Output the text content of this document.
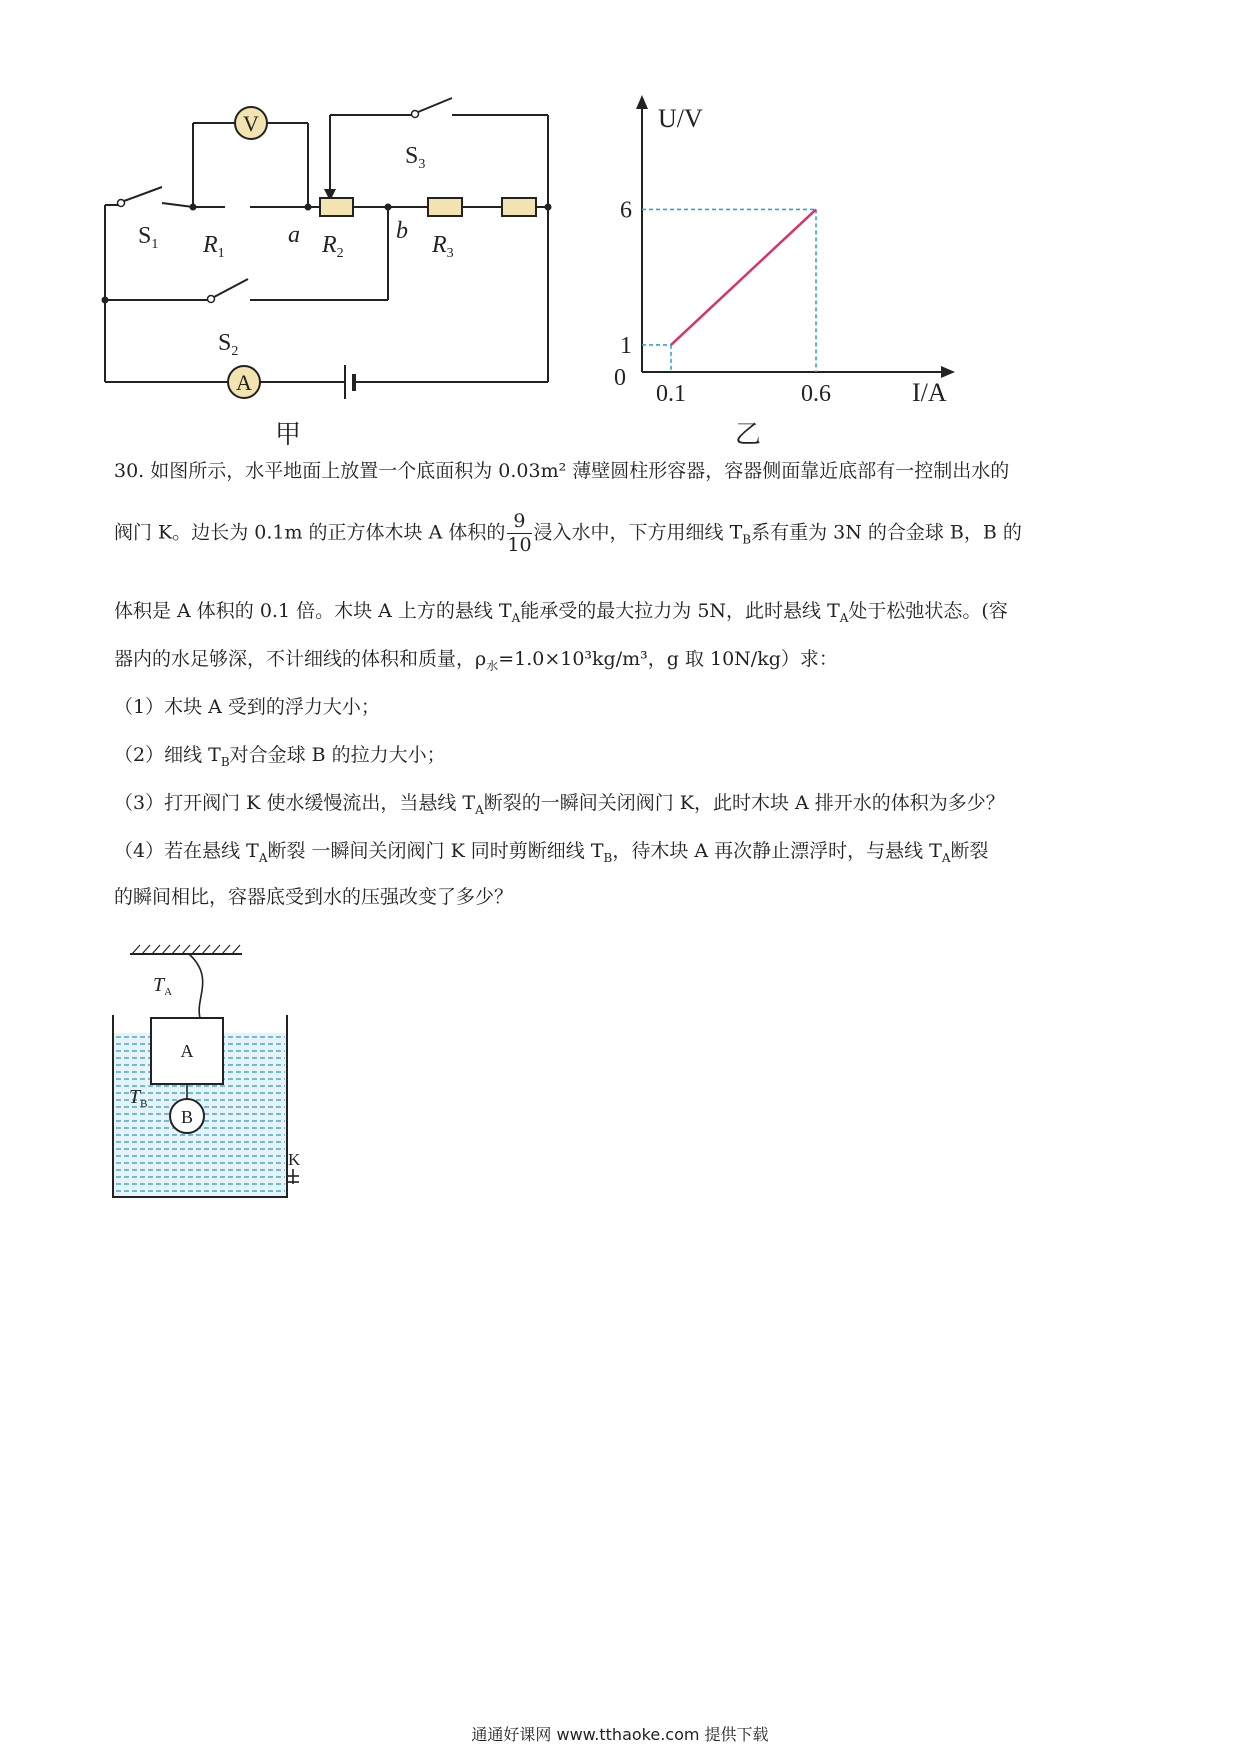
V
A
$S_1$
$S_2$
$S_3$
$R_1$	$R_2$	$R_3$
a	b
甲
0.1	0.6
1
6
U/V
I/A
0
乙
30. 如图所示，水平地面上放置一个底面积为 0.03m² 薄壁圆柱形容器，容器侧面靠近底部有一控制出水的
阀门 K。边长为 0.1m 的正方体木块 A 体积的 $\frac{9}{10}$ 浸入水中，下方用细线 $T_B$系有重为 3N 的合金球 B，B 的
体积是 A 体积的 0.1 倍。木块 A 上方的悬线 $T_A$能承受的最大拉力为 5N，此时悬线 $T_A$处于松弛状态。(容
器内的水足够深，不计细线的体积和质量，$\rho_水=1.0\times 10^3kg/m^3$，g 取 10N/kg）求：
（1）木块 A 受到的浮力大小；
（2）细线 $T_B$对合金球 B 的拉力大小；
（3）打开阀门 K 使水缓慢流出，当悬线 $T_A$断裂的一瞬间关闭阀门 K，此时木块 A 排开水的体积为多少？
（4）若在悬线 $T_A$断裂 一瞬间关闭阀门 K 同时剪断细线 $T_B$，待木块 A 再次静止漂浮时，与悬线 $T_A$断裂
的瞬间相比，容器底受到水的压强改变了多少？
A
B
K
$T_A$
$T_B$
通通好课网 www.tthaoke.com 提供下载
